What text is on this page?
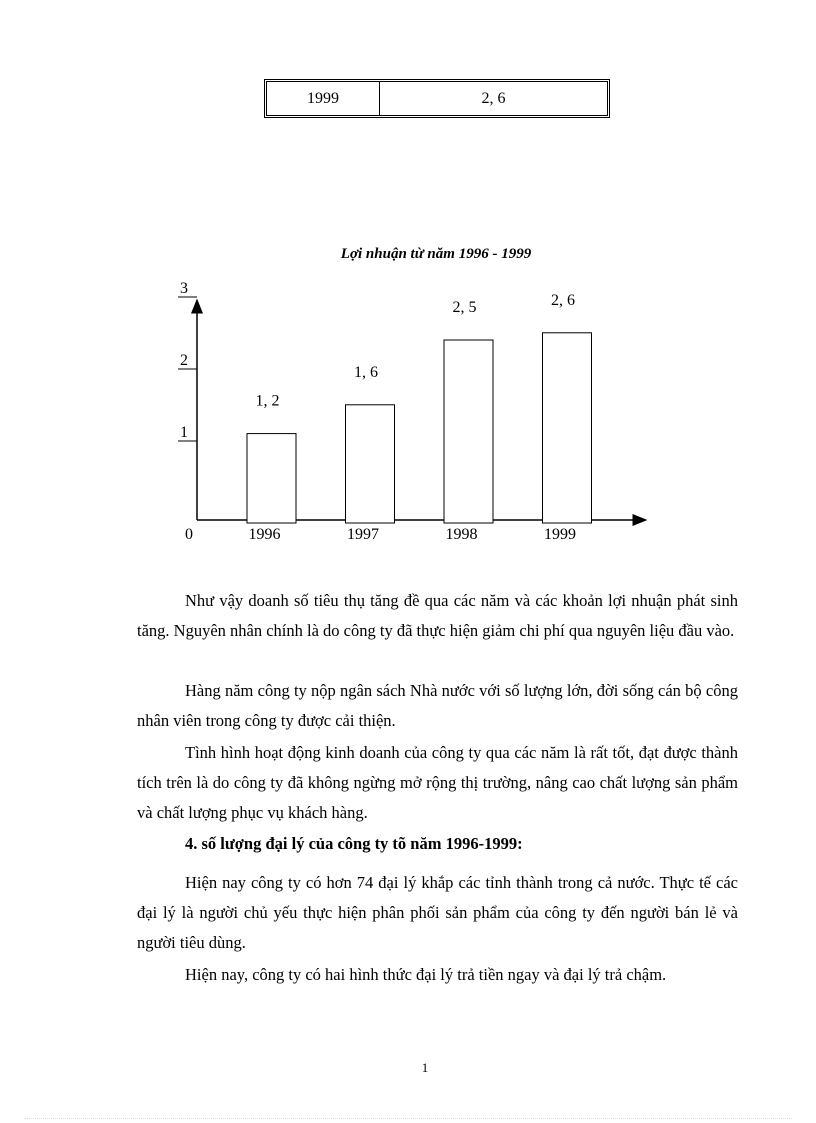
1999	2, 6
Lợi nhuận từ năm 1996 - 1999
0
1
2
3
1, 2
1996
1, 6
1997
2, 5
1998
2, 6
1999

Như vậy doanh số tiêu thụ tăng đề qua các năm và các khoản lợi nhuận phát sinh tăng. Nguyên nhân chính là do công ty đã thực hiện giảm chi phí qua nguyên liệu đầu vào.

Hàng năm công ty nộp ngân sách Nhà nước với số lượng lớn, đời sống cán bộ công nhân viên trong công ty được cải thiện.

Tình hình hoạt động kinh doanh của công ty qua các năm là rất tốt, đạt được thành tích trên là do công ty đã không ngừng mở rộng thị trường, nâng cao chất lượng sản phẩm và chất lượng phục vụ khách hàng.

4. số lượng đại lý của công ty tõ năm 1996-1999:

Hiện nay công ty có hơn 74 đại lý khắp các tỉnh thành trong cả nước. Thực tế các đại lý là người chủ yếu thực hiện phân phối sản phẩm của công ty đến người bán lẻ và người tiêu dùng.

Hiện nay, công ty có hai hình thức đại lý trả tiền ngay và đại lý trả chậm.

1
